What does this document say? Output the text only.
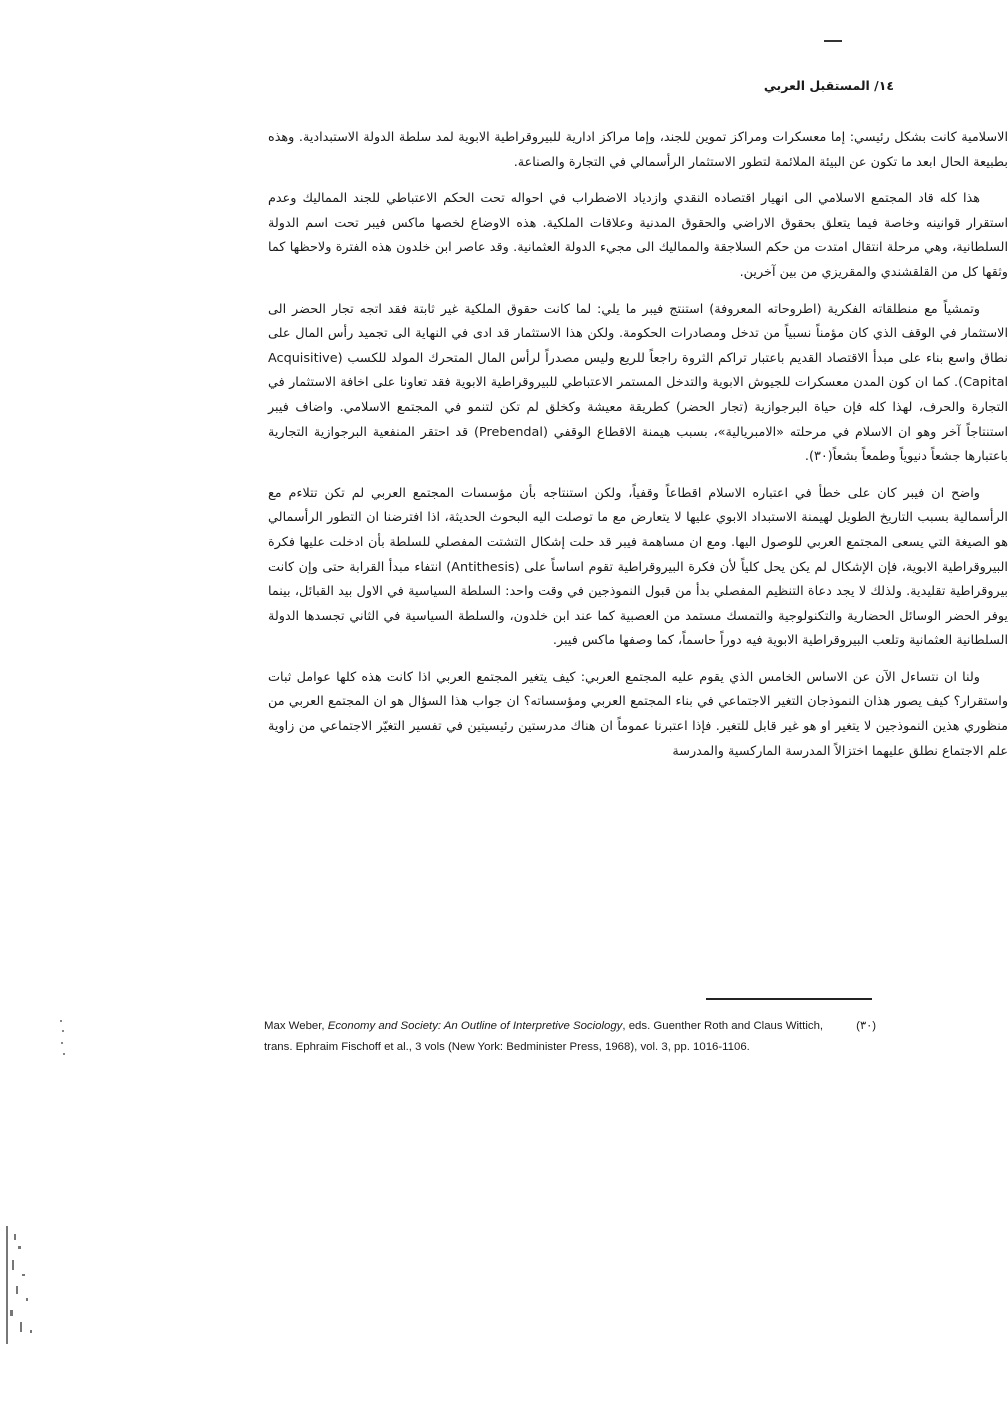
١٤/ المستقبل العربي

الاسلامية كانت بشكل رئيسي: إما معسكرات ومراكز تموين للجند، وإما مراكز ادارية للبيروقراطية الابوية لمد سلطة الدولة الاستبدادية. وهذه بطبيعة الحال ابعد ما تكون عن البيئة الملائمة لتطور الاستثمار الرأسمالي في التجارة والصناعة.

هذا كله قاد المجتمع الاسلامي الى انهيار اقتصاده النقدي وازدياد الاضطراب في احواله تحت الحكم الاعتباطي للجند المماليك وعدم استقرار قوانينه وخاصة فيما يتعلق بحقوق الاراضي والحقوق المدنية وعلاقات الملكية. هذه الاوضاع لخصها ماكس فيبر تحت اسم الدولة السلطانية، وهي مرحلة انتقال امتدت من حكم السلاجقة والمماليك الى مجيء الدولة العثمانية. وقد عاصر ابن خلدون هذه الفترة ولاحظها كما وثقها كل من القلقشندي والمقريزي من بين آخرين.

وتمشياً مع منطلقاته الفكرية (اطروحاته المعروفة) استنتج فيبر ما يلي: لما كانت حقوق الملكية غير ثابتة فقد اتجه تجار الحضر الى الاستثمار في الوقف الذي كان مؤمناً نسبياً من تدخل ومصادرات الحكومة. ولكن هذا الاستثمار قد ادى في النهاية الى تجميد رأس المال على نطاق واسع بناء على مبدأ الاقتصاد القديم باعتبار تراكم الثروة راجعاً للريع وليس مصدراً لرأس المال المتحرك المولد للكسب (Acquisitive Capital). كما ان كون المدن معسكرات للجيوش الابوية والتدخل المستمر الاعتباطي للبيروقراطية الابوية فقد تعاونا على اخافة الاستثمار في التجارة والحرف، لهذا كله فإن حياة البرجوازية (تجار الحضر) كطريقة معيشة وكخلق لم تكن لتنمو في المجتمع الاسلامي. واضاف فيبر استنتاجاً آخر وهو ان الاسلام في مرحلته «الامبريالية»، بسبب هيمنة الاقطاع الوقفي (Prebendal) قد احتقر المنفعية البرجوازية التجارية باعتبارها جشعاً دنيوياً وطمعاً بشعاً(٣٠).

واضح ان فيبر كان على خطأ في اعتباره الاسلام اقطاعاً وقفياً، ولكن استنتاجه بأن مؤسسات المجتمع العربي لم تكن تتلاءم مع الرأسمالية بسبب التاريخ الطويل لهيمنة الاستبداد الابوي عليها لا يتعارض مع ما توصلت اليه البحوث الحديثة، اذا افترضنا ان التطور الرأسمالي هو الصيغة التي يسعى المجتمع العربي للوصول اليها. ومع ان مساهمة فيبر قد حلت إشكال التشتت المفصلي للسلطة بأن ادخلت عليها فكرة البيروقراطية الابوية، فإن الإشكال لم يكن يحل كلياً لأن فكرة البيروقراطية تقوم اساساً على (Antithesis) انتفاء مبدأ القرابة حتى وإن كانت بيروقراطية تقليدية. ولذلك لا يجد دعاة التنظيم المفصلي بدأ من قبول النموذجين في وقت واحد: السلطة السياسية في الاول بيد القبائل، بينما يوفر الحضر الوسائل الحضارية والتكنولوجية والتمسك مستمد من العصبية كما عند ابن خلدون، والسلطة السياسية في الثاني تجسدها الدولة السلطانية العثمانية وتلعب البيروقراطية الابوية فيه دوراً حاسماً، كما وصفها ماكس فيبر.

ولنا ان نتساءل الآن عن الاساس الخامس الذي يقوم عليه المجتمع العربي: كيف يتغير المجتمع العربي اذا كانت هذه كلها عوامل ثبات واستقرار؟ كيف يصور هذان النموذجان التغير الاجتماعي في بناء المجتمع العربي ومؤسساته؟ ان جواب هذا السؤال هو ان المجتمع العربي من منظوري هذين النموذجين لا يتغير او هو غير قابل للتغير. فإذا اعتبرنا عموماً ان هناك مدرستين رئيسيتين في تفسير التغيّر الاجتماعي من زاوية علم الاجتماع نطلق عليهما اختزالاً المدرسة الماركسية والمدرسة

(٣٠)
Max Weber, Economy and Society: An Outline of Interpretive Sociology, eds. Guenther Roth and Claus Wittich, trans. Ephraim Fischoff et al., 3 vols (New York: Bedminister Press, 1968), vol. 3, pp. 1016-1106.
